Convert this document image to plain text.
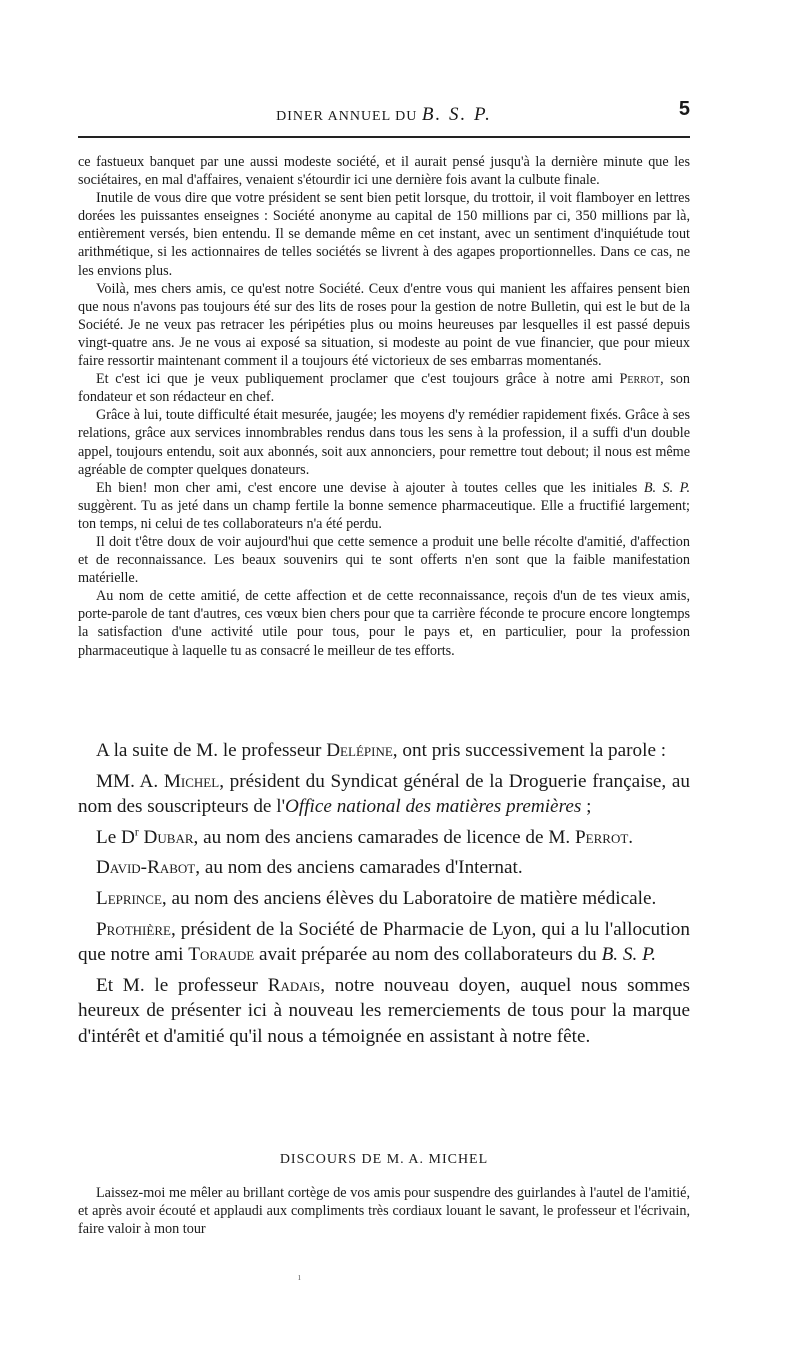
DINER ANNUEL DU B. S. P.	5

ce fastueux banquet par une aussi modeste société, et il aurait pensé jusqu'à la dernière minute que les sociétaires, en mal d'affaires, venaient s'étourdir ici une dernière fois avant la culbute finale.

Inutile de vous dire que votre président se sent bien petit lorsque, du trottoir, il voit flamboyer en lettres dorées les puissantes enseignes : Société anonyme au capital de 150 millions par ci, 350 millions par là, entièrement versés, bien entendu. Il se demande même en cet instant, avec un sentiment d'inquiétude tout arithmétique, si les actionnaires de telles sociétés se livrent à des agapes proportionnelles. Dans ce cas, ne les envions plus.

Voilà, mes chers amis, ce qu'est notre Société. Ceux d'entre vous qui manient les affaires pensent bien que nous n'avons pas toujours été sur des lits de roses pour la gestion de notre Bulletin, qui est le but de la Société. Je ne veux pas retracer les péripéties plus ou moins heureuses par lesquelles il est passé depuis vingt-quatre ans. Je ne vous ai exposé sa situation, si modeste au point de vue financier, que pour mieux faire ressortir maintenant comment il a toujours été victorieux de ses embarras momentanés.

Et c'est ici que je veux publiquement proclamer que c'est toujours grâce à notre ami Perrot, son fondateur et son rédacteur en chef.

Grâce à lui, toute difficulté était mesurée, jaugée; les moyens d'y remédier rapidement fixés. Grâce à ses relations, grâce aux services innombrables rendus dans tous les sens à la profession, il a suffi d'un double appel, toujours entendu, soit aux abonnés, soit aux annonciers, pour remettre tout debout; il nous est même agréable de compter quelques donateurs.

Eh bien! mon cher ami, c'est encore une devise à ajouter à toutes celles que les initiales B. S. P. suggèrent. Tu as jeté dans un champ fertile la bonne semence pharmaceutique. Elle a fructifié largement; ton temps, ni celui de tes collaborateurs n'a été perdu.

Il doit t'être doux de voir aujourd'hui que cette semence a produit une belle récolte d'amitié, d'affection et de reconnaissance. Les beaux souvenirs qui te sont offerts n'en sont que la faible manifestation matérielle.

Au nom de cette amitié, de cette affection et de cette reconnaissance, reçois d'un de tes vieux amis, porte-parole de tant d'autres, ces vœux bien chers pour que ta carrière féconde te procure encore longtemps la satisfaction d'une activité utile pour tous, pour le pays et, en particulier, pour la profession pharmaceutique à laquelle tu as consacré le meilleur de tes efforts.

A la suite de M. le professeur Delépine, ont pris successivement la parole :

MM. A. Michel, président du Syndicat général de la Droguerie française, au nom des souscripteurs de l'Office national des matières premières ;

Le $D^r$ Dubar, au nom des anciens camarades de licence de M. Perrot.

David-Rabot, au nom des anciens camarades d'Internat.

Leprince, au nom des anciens élèves du Laboratoire de matière médicale.

Prothière, président de la Société de Pharmacie de Lyon, qui a lu l'allocution que notre ami Toraude avait préparée au nom des collaborateurs du B. S. P.

Et M. le professeur Radais, notre nouveau doyen, auquel nous sommes heureux de présenter ici à nouveau les remerciements de tous pour la marque d'intérêt et d'amitié qu'il nous a témoignée en assistant à notre fête.

DISCOURS DE M. A. MICHEL

Laissez-moi me mêler au brillant cortège de vos amis pour suspendre des guirlandes à l'autel de l'amitié, et après avoir écouté et applaudi aux compliments très cordiaux louant le savant, le professeur et l'écrivain, faire valoir à mon tour

ı
